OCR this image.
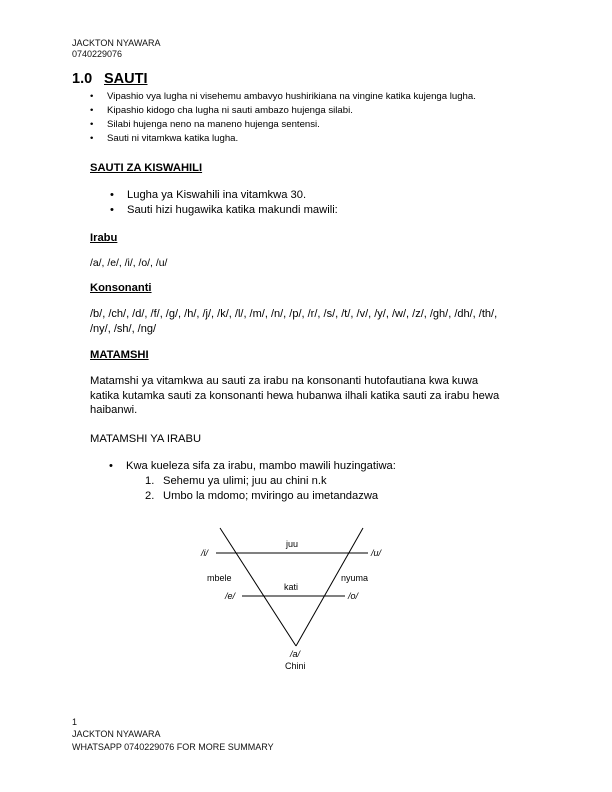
JACKTON NYAWARA
0740229076
1.0 SAUTI
• Vipashio vya lugha ni visehemu ambavyo hushirikiana na vingine katika kujenga lugha.
• Kipashio kidogo cha lugha ni sauti ambazo hujenga silabi.
• Silabi hujenga neno na maneno hujenga sentensi.
• Sauti ni vitamkwa katika lugha.
SAUTI ZA KISWAHILI
• Lugha ya Kiswahili ina vitamkwa 30.
• Sauti hizi hugawika katika makundi mawili:
Irabu
/a/, /e/, /i/, /o/, /u/
Konsonanti
/b/, /ch/, /d/, /f/, /g/, /h/, /j/, /k/, /l/, /m/, /n/, /p/, /r/, /s/, /t/, /v/, /y/, /w/, /z/, /gh/, /dh/, /th/,
/ny/, /sh/, /ng/
MATAMSHI
Matamshi ya vitamkwa au sauti za irabu na konsonanti hutofautiana kwa kuwa
katika kutamka sauti za konsonanti hewa hubanwa ilhali katika sauti za irabu hewa
haibanwi.
MATAMSHI YA IRABU
• Kwa kueleza sifa za irabu, mambo mawili huzingatiwa:
1. Sehemu ya ulimi; juu au chini n.k
2. Umbo la mdomo; mviringo au imetandazwa
/i/	/u/
juu
mbele	nyuma
kati
/e/	/o/
/a/
Chini
1
JACKTON NYAWARA
WHATSAPP 0740229076 FOR MORE SUMMARY
